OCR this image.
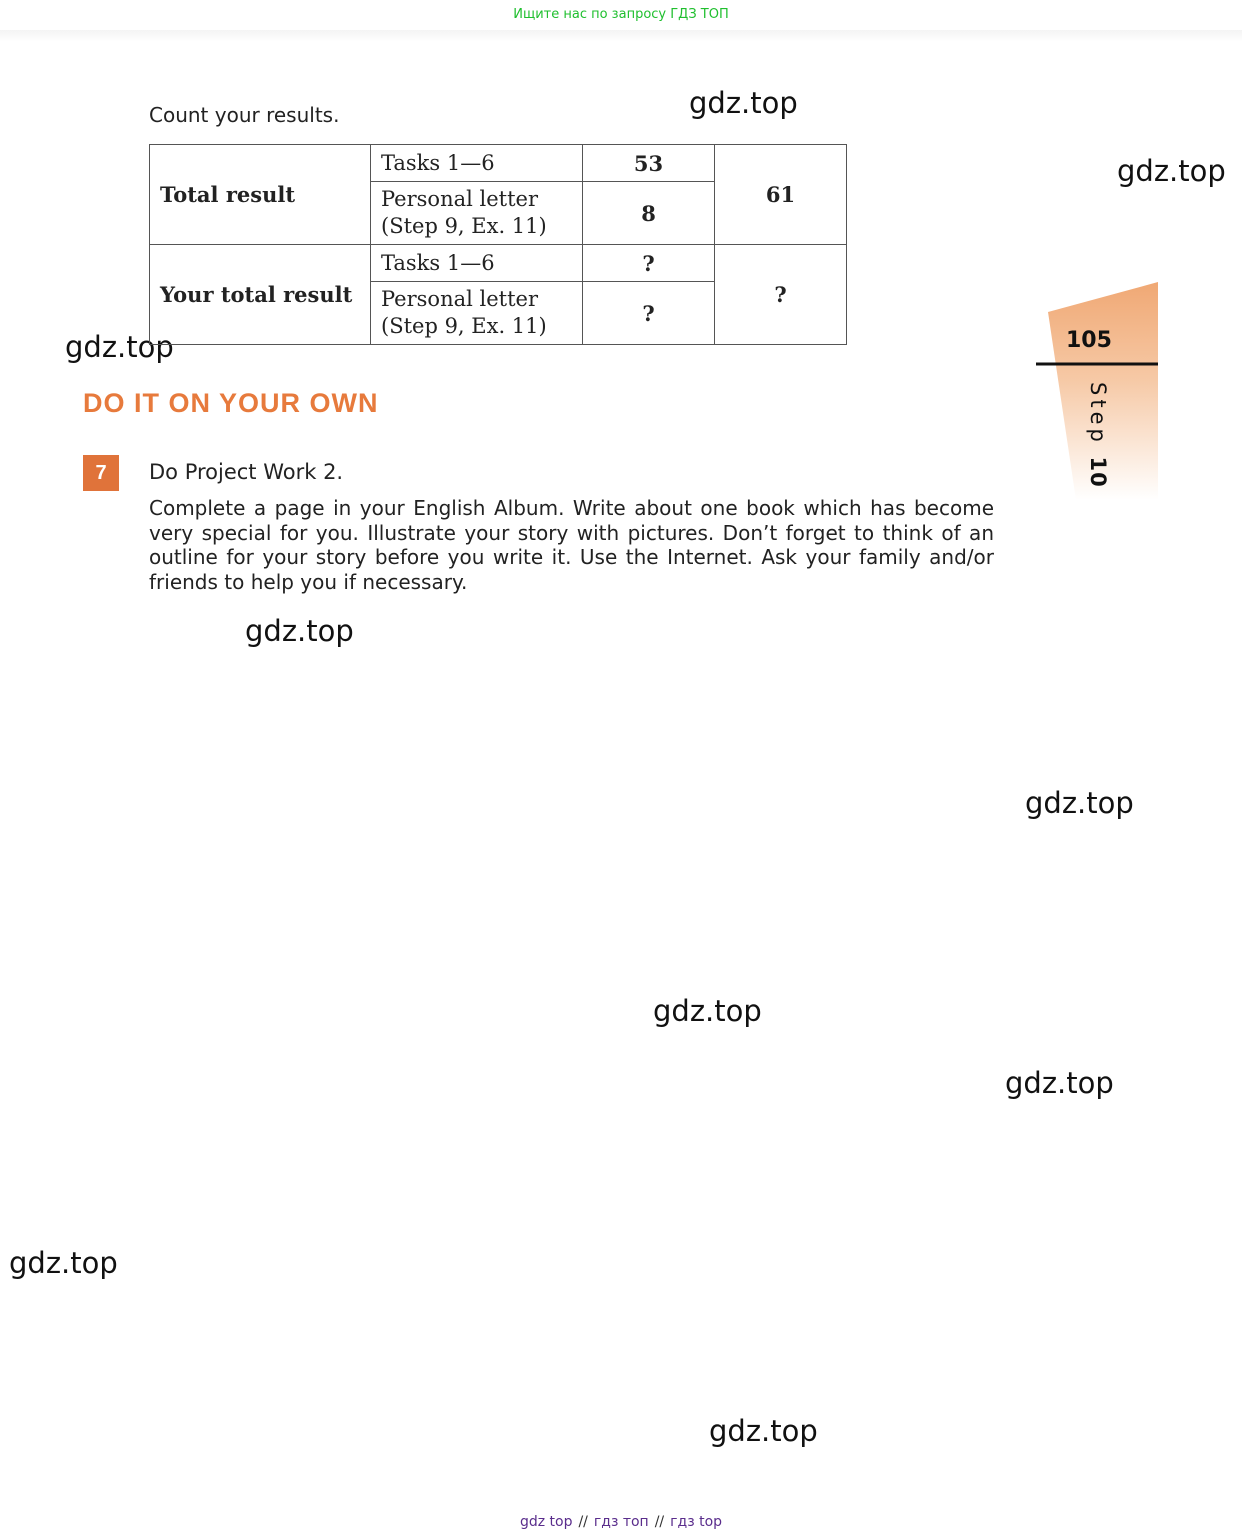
Ищите нас по запросу ГДЗ ТОП
gdz.top
gdz.top
gdz.top
gdz.top
gdz.top
gdz.top
gdz.top
gdz.top
gdz.top
Count your results.
Total result	Tasks 1—6	53	61

	Personal letter
(Step 9, Ex. 11)	8	
Your total result	Tasks 1—6	?	?

	Personal letter
(Step 9, Ex. 11)	?	
DO IT ON YOUR OWN
7	Do Project Work 2.
Complete a page in your English Album. Write about one book which has become very special for you. Illustrate your story with pictures. Don’t forget to think of an outline for your story before you write it. Use the Internet. Ask your family and/or friends to help you if necessary.
105
Step 10
gdz top // гдз топ // гдз top
